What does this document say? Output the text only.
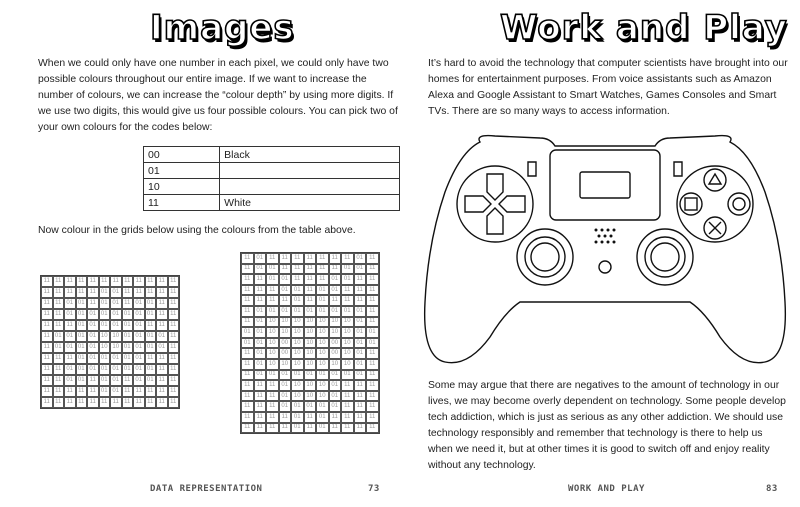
Images

When we could only have one number in each pixel, we could only have two possible colours throughout our entire image. If we want to increase the number of colours, we can increase the “colour depth” by using more digits. If we use two digits, this would give us four possible colours. You can pick two of your own colours for the codes below:

00	Black
01	
10	
11	White

Now colour in the grids below using the colours from the table above.

11 11 11 11 11 11 11 11 11 11 11 11
11 11 11 11 11 01 01 11 11 11 11 11
11 11 01 01 11 01 01 11 01 01 11 11
11 11 01 01 01 01 01 01 01 01 11 11
11 11 11 01 01 01 01 01 01 11 11 11
11 01 01 01 01 10 10 01 01 01 01 11
11 01 01 01 01 10 10 01 01 01 01 11
11 11 11 01 01 01 01 01 01 11 11 11
11 11 01 01 01 01 01 01 01 01 11 11
11 11 01 01 11 01 01 11 01 01 11 11
11 11 11 11 11 01 01 11 11 11 11 11
11 11 11 11 11 11 11 11 11 11 11 11
11	01	11	11	11	11	11	11	11	01	11
11	01 01	11	11	11	11	11	01 01	11
11	11	01 01	11	11	11	01 01	11	11
11	11	11	01 01	11	01 01	11	11	11
11	11	11	11	01	11	01	11	11	11	11
11	01 01 01 01 01 01 01 01 01	11
11	01 10 10 10 10 10 10 10 01	11
01 01 10 10 10 10 10 10 10 01 01
01 01 10 00 10 10 10 00 10 01 01
11	01 10 00 10 10 10 00 10 01	11
11	01 10 10 10 10 10 10 10 01	11
11	01 01 01 01 01 01 01 01 01	11
11	11	11	01 10 10 10 01	11	11	11
11	11	11	01 10 10 10 01	11	11	11
11	11	11	01 01 01 01 01	11	11	11
11	11	11	11	01	11	01	11	11	11	11
11	11	11	11	01	11	01	11	11	11	11
DATA REPRESENTATION	73
Work and Play

It’s hard to avoid the technology that computer scientists have brought into our homes for entertainment purposes. From voice assistants such as Amazon Alexa and Google Assistant to Smart Watches, Games Consoles and Smart TVs. There are so many ways to access information.

Some may argue that there are negatives to the amount of technology in our lives, we may become overly dependent on technology. Some people develop tech addiction, which is just as serious as any other addiction. We should use technology responsibly and remember that technology is there to help us when we need it, but at other times it is good to switch off and enjoy reality without any technology.

WORK AND PLAY	83
